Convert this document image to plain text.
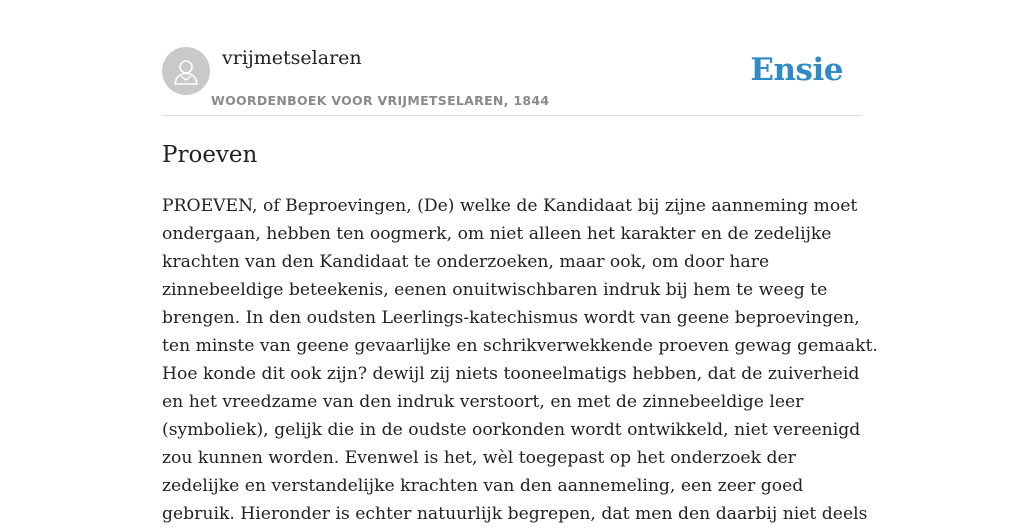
vrijmetselaren
WOORDENBOEK VOOR VRIJMETSELAREN, 1844
Ensie
Proeven

PROEVEN, of Beproevingen, (De) welke de Kandidaat bij zijne aanneming moet
ondergaan, hebben ten oogmerk, om niet alleen het karakter en de zedelijke
krachten van den Kandidaat te onderzoeken, maar ook, om door hare
zinnebeeldige beteekenis, eenen onuitwischbaren indruk bij hem te weeg te
brengen. In den oudsten Leerlings-katechismus wordt van geene beproevingen,
ten minste van geene gevaarlijke en schrikverwekkende proeven gewag gemaakt.
Hoe konde dit ook zijn? dewijl zij niets tooneelmatigs hebben, dat de zuiverheid
en het vreedzame van den indruk verstoort, en met de zinnebeeldige leer
(symboliek), gelijk die in de oudste oorkonden wordt ontwikkeld, niet vereenigd
zou kunnen worden. Evenwel is het, wèl toegepast op het onderzoek der
zedelijke en verstandelijke krachten van den aannemeling, een zeer goed
gebruik. Hieronder is echter natuurlijk begrepen, dat men den daarbij niet deels
